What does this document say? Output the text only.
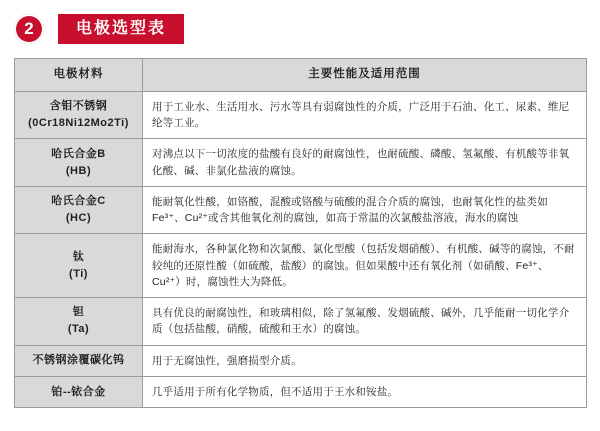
2	电极选型表
电极材料	主要性能及适用范围

含钼不锈钢
(0Cr18Ni12Mo2Ti)	用于工业水、生活用水、污水等具有弱腐蚀性的介质，广泛用于石油、化工、尿素、维尼纶等工业。

哈氏合金B
(HB)	对沸点以下一切浓度的盐酸有良好的耐腐蚀性，也耐硫酸、磷酸、氢氟酸、有机酸等非氧化酸、碱、非氯化盐液的腐蚀。

哈氏合金C
(HC)	能耐氧化性酸，如铬酸，混酸或铬酸与硫酸的混合介质的腐蚀，也耐氧化性的盐类如Fe³⁺、Cu²⁺或含其他氧化剂的腐蚀，如高于常温的次氯酸盐溶液，海水的腐蚀

钛
(Ti)	能耐海水，各种氯化物和次氯酸、氯化型酸（包括发烟硝酸）、有机酸、碱等的腐蚀，不耐较纯的还原性酸（如硫酸，盐酸）的腐蚀。但如果酸中还有氧化剂（如硝酸、Fe³⁺、Cu²⁺）时，腐蚀性大为降低。

钽
(Ta)	具有优良的耐腐蚀性，和玻璃相似，除了氢氟酸、发烟硫酸、碱外，几乎能耐一切化学介质（包括盐酸，硝酸，硫酸和王水）的腐蚀。

不锈钢涂覆碳化钨	用于无腐蚀性，强磨损型介质。

铂--铱合金	几乎适用于所有化学物质，但不适用于王水和铵盐。
